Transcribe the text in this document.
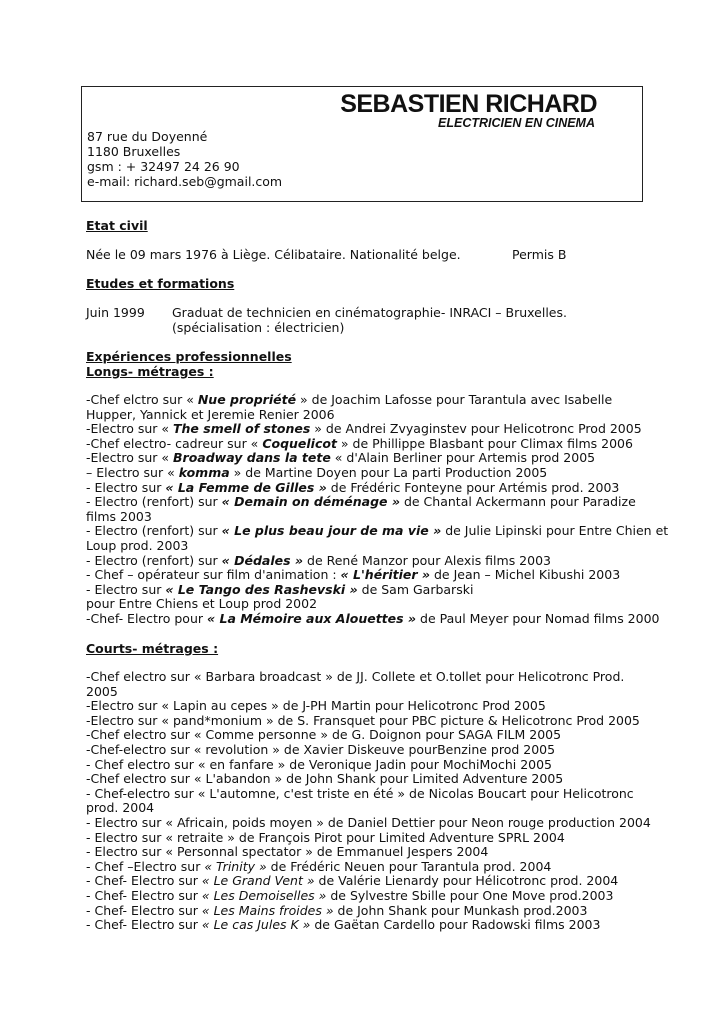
SEBASTIEN RICHARD
ELECTRICIEN EN CINEMA
87 rue du Doyenné
1180 Bruxelles
gsm : + 32497 24 26 90
e-mail: richard.seb@gmail.com
Etat civil
Née le 09 mars 1976 à Liège. Célibataire. Nationalité belge.	Permis B
Etudes et formations
Juin 1999 Graduat de technicien en cinématographie- INRACI – Bruxelles.
(spécialisation : électricien)
Expériences professionnelles
Longs- métrages :
-Chef elctro sur « Nue propriété » de Joachim Lafosse pour Tarantula avec Isabelle
Hupper, Yannick et Jeremie Renier 2006
-Electro sur « The smell of stones » de Andrei Zvyaginstev pour Helicotronc Prod 2005
-Chef electro- cadreur sur « Coquelicot » de Phillippe Blasbant pour Climax films 2006
-Electro sur « Broadway dans la tete « d'Alain Berliner pour Artemis prod 2005
– Electro sur « komma » de Martine Doyen pour La parti Production 2005
- Electro sur « La Femme de Gilles » de Frédéric Fonteyne pour Artémis prod. 2003
- Electro (renfort) sur « Demain on déménage » de Chantal Ackermann pour Paradize
films 2003
- Electro (renfort) sur « Le plus beau jour de ma vie » de Julie Lipinski pour Entre Chien et
Loup prod. 2003
- Electro (renfort) sur « Dédales » de René Manzor pour Alexis films 2003
- Chef – opérateur sur film d'animation : « L'héritier » de Jean – Michel Kibushi 2003
- Electro sur « Le Tango des Rashevski » de Sam Garbarski
pour Entre Chiens et Loup prod 2002
-Chef- Electro pour « La Mémoire aux Alouettes » de Paul Meyer pour Nomad films 2000
Courts- métrages :
-Chef electro sur « Barbara broadcast » de JJ. Collete et O.tollet pour Helicotronc Prod.
2005
-Electro sur « Lapin au cepes » de J-PH Martin pour Helicotronc Prod 2005
-Electro sur « pand*monium » de S. Fransquet pour PBC picture & Helicotronc Prod 2005
-Chef electro sur « Comme personne » de G. Doignon pour SAGA FILM 2005
-Chef-electro sur « revolution » de Xavier Diskeuve pourBenzine prod 2005
- Chef electro sur « en fanfare » de Veronique Jadin pour MochiMochi 2005
-Chef electro sur « L'abandon » de John Shank pour Limited Adventure 2005
- Chef-electro sur « L'automne, c'est triste en été » de Nicolas Boucart pour Helicotronc
prod. 2004
- Electro sur « Africain, poids moyen » de Daniel Dettier pour Neon rouge production 2004
- Electro sur « retraite » de François Pirot pour Limited Adventure SPRL 2004
- Electro sur « Personnal spectator » de Emmanuel Jespers 2004
- Chef –Electro sur « Trinity » de Frédéric Neuen pour Tarantula prod. 2004
- Chef- Electro sur « Le Grand Vent » de Valérie Lienardy pour Hélicotronc prod. 2004
- Chef- Electro sur « Les Demoiselles » de Sylvestre Sbille pour One Move prod.2003
- Chef- Electro sur « Les Mains froides » de John Shank pour Munkash prod.2003
- Chef- Electro sur « Le cas Jules K » de Gaëtan Cardello pour Radowski films 2003
